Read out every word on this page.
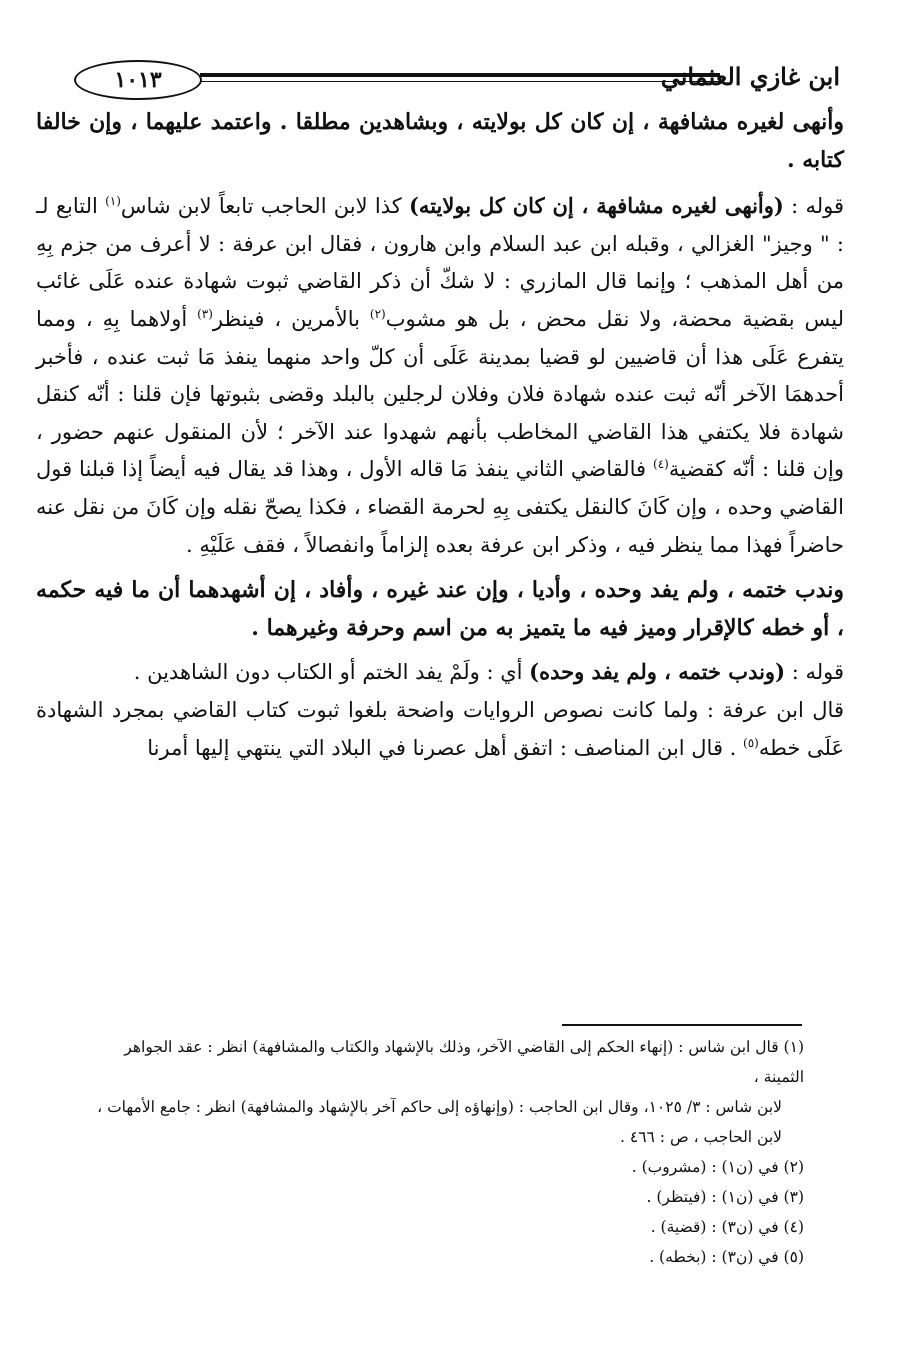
١٠١٣	ابن غازي العثماني

وأنهى لغيره مشافهة ، إن كان كل بولايته ، وبشاهدين مطلقا . واعتمد عليهما ، وإن خالفا كتابه .

قوله : (وأنهى لغيره مشافهة ، إن كان كل بولايته) كذا لابن الحاجب تابعاً لابن شاس$^{(١)}$ التابع لـ : " وجيز" الغزالي ، وقبله ابن عبد السلام وابن هارون ، فقال ابن عرفة : لا أعرف من جزم بِهِ من أهل المذهب ؛ وإنما قال المازري : لا شكّ أن ذكر القاضي ثبوت شهادة عنده عَلَى غائب ليس بقضية محضة، ولا نقل محض ، بل هو مشوب$^{(٢)}$ بالأمرين ، فينظر$^{(٣)}$ أولاهما بِهِ ، ومما يتفرع عَلَى هذا أن قاضيين لو قضيا بمدينة عَلَى أن كلّ واحد منهما ينفذ مَا ثبت عنده ، فأخبر أحدهمَا الآخر أنّه ثبت عنده شهادة فلان وفلان لرجلين بالبلد وقضى بثبوتها فإن قلنا : أنّه كنقل شهادة فلا يكتفي هذا القاضي المخاطب بأنهم شهدوا عند الآخر ؛ لأن المنقول عنهم حضور ، وإن قلنا : أنّه كقضية$^{(٤)}$ فالقاضي الثاني ينفذ مَا قاله الأول ، وهذا قد يقال فيه أيضاً إذا قبلنا قول القاضي وحده ، وإن كَانَ كالنقل يكتفى بِهِ لحرمة القضاء ، فكذا يصحّ نقله وإن كَانَ من نقل عنه حاضراً فهذا مما ينظر فيه ، وذكر ابن عرفة بعده إلزاماً وانفصالاً ، فقف عَلَيْهِ .

وندب ختمه ، ولم يفد وحده ، وأديا ، وإن عند غيره ، وأفاد ، إن أشهدهما أن ما فيه حكمه ، أو خطه كالإقرار وميز فيه ما يتميز به من اسم وحرفة وغيرهما .

قوله : (وندب ختمه ، ولم يفد وحده) أي : ولَمْ يفد الختم أو الكتاب دون الشاهدين .

قال ابن عرفة : ولما كانت نصوص الروايات واضحة بلغوا ثبوت كتاب القاضي بمجرد الشهادة عَلَى خطه$^{(٥)}$ . قال ابن المناصف : اتفق أهل عصرنا في البلاد التي ينتهي إليها أمرنا

(١) قال ابن شاس : (إنهاء الحكم إلى القاضي الآخر، وذلك بالإشهاد والكتاب والمشافهة) انظر : عقد الجواهر الثمينة ،

لابن شاس : ٣/ ١٠٢٥، وقال ابن الحاجب : (وإنهاؤه إلى حاكم آخر بالإشهاد والمشافهة) انظر : جامع الأمهات ،

لابن الحاجب ، ص : ٤٦٦ .

(٢) في (ن١) : (مشروب) .

(٣) في (ن١) : (فيتظر) .

(٤) في (ن٣) : (قضية) .

(٥) في (ن٣) : (بخطه) .
